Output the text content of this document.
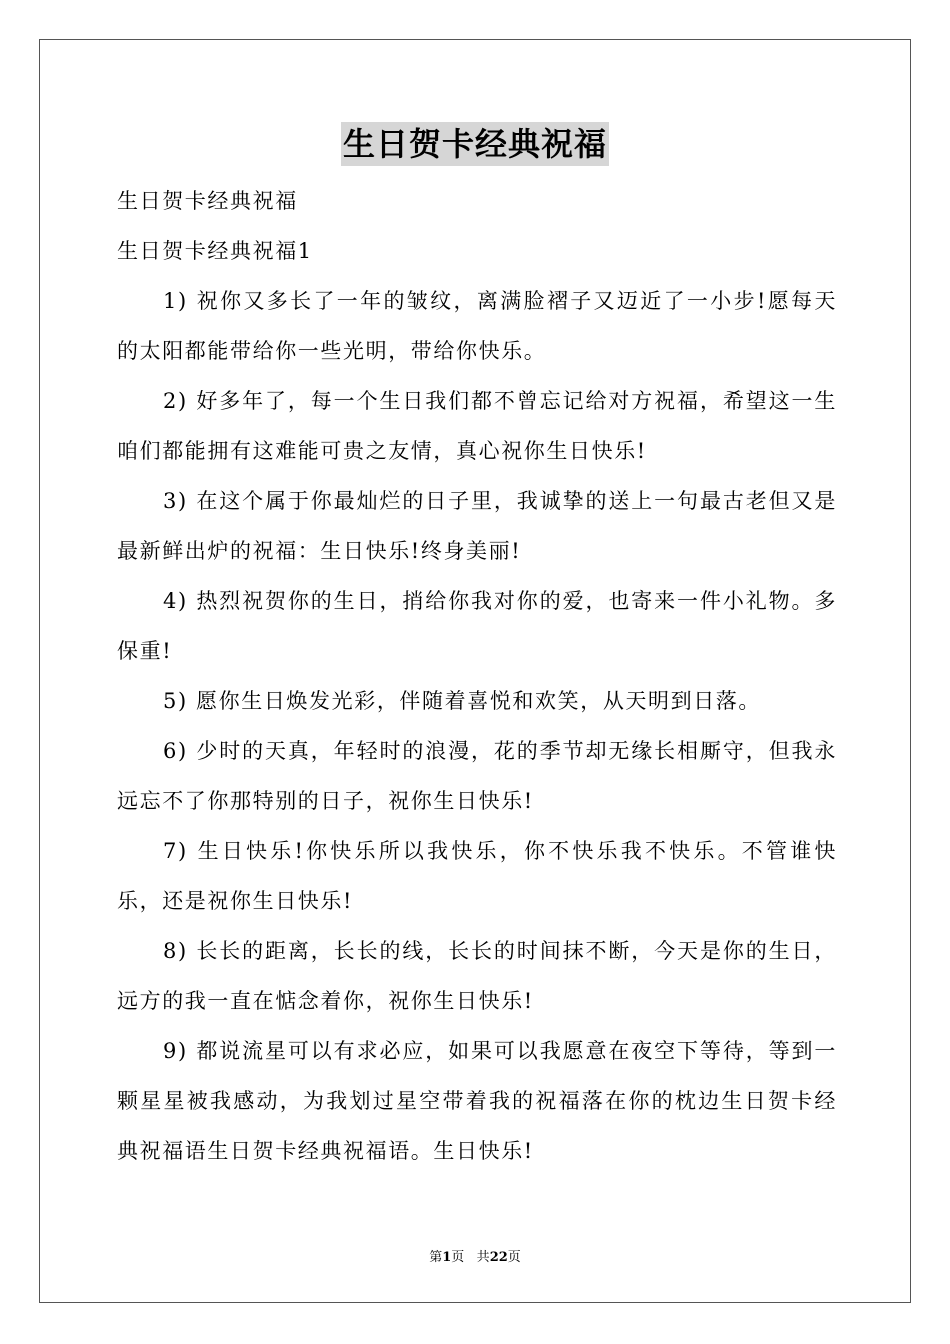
生日贺卡经典祝福

生日贺卡经典祝福

生日贺卡经典祝福1

1) 祝你又多长了一年的皱纹，离满脸褶子又迈近了一小步!愿每天的太阳都能带给你一些光明，带给你快乐。

2) 好多年了，每一个生日我们都不曾忘记给对方祝福，希望这一生咱们都能拥有这难能可贵之友情，真心祝你生日快乐!

3) 在这个属于你最灿烂的日子里，我诚挚的送上一句最古老但又是最新鲜出炉的祝福：生日快乐!终身美丽!

4) 热烈祝贺你的生日，捎给你我对你的爱，也寄来一件小礼物。多保重!

5) 愿你生日焕发光彩，伴随着喜悦和欢笑，从天明到日落。

6) 少时的天真，年轻时的浪漫，花的季节却无缘长相厮守，但我永远忘不了你那特别的日子，祝你生日快乐!

7) 生日快乐!你快乐所以我快乐，你不快乐我不快乐。不管谁快乐，还是祝你生日快乐!

8) 长长的距离，长长的线，长长的时间抹不断，今天是你的生日，远方的我一直在惦念着你，祝你生日快乐!

9) 都说流星可以有求必应，如果可以我愿意在夜空下等待，等到一颗星星被我感动，为我划过星空带着我的祝福落在你的枕边生日贺卡经典祝福语生日贺卡经典祝福语。生日快乐!

第1页 共22页
